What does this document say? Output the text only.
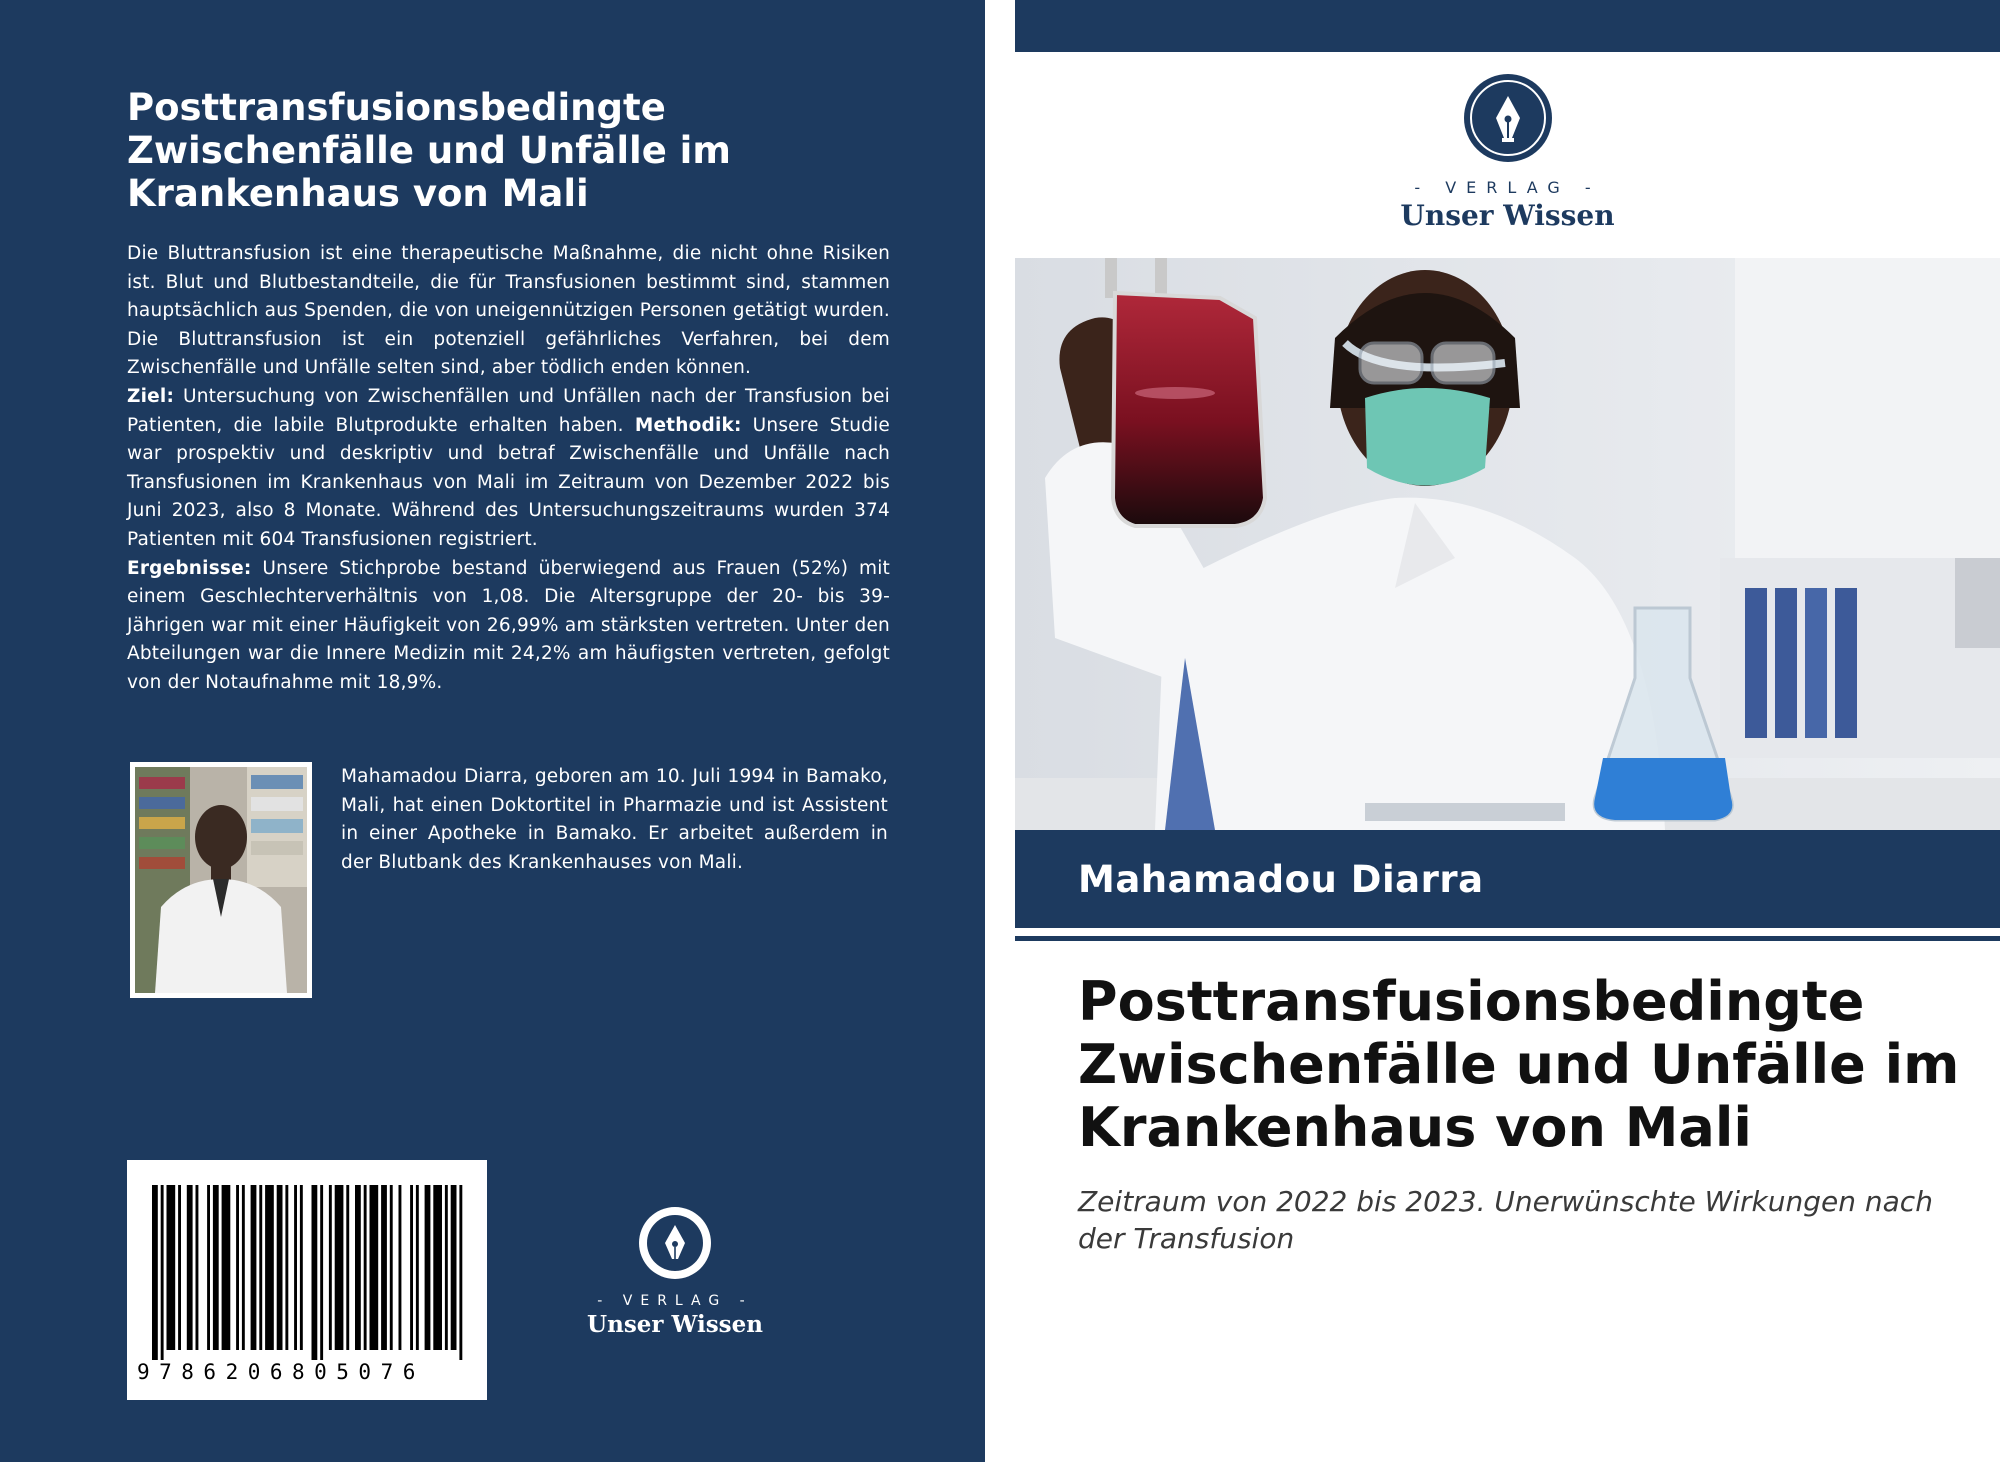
Posttransfusionsbedingte Zwischenfälle und Unfälle im Krankenhaus von Mali

Die Bluttransfusion ist eine therapeutische Maßnahme, die nicht ohne Risiken ist. Blut und Blutbestandteile, die für Transfusionen bestimmt sind, stammen hauptsächlich aus Spenden, die von uneigennützigen Personen getätigt wurden. Die Bluttransfusion ist ein potenziell gefährliches Verfahren, bei dem Zwischenfälle und Unfälle selten sind, aber tödlich enden können.

Ziel: Untersuchung von Zwischenfällen und Unfällen nach der Transfusion bei Patienten, die labile Blutprodukte erhalten haben. Methodik: Unsere Studie war prospektiv und deskriptiv und betraf Zwischenfälle und Unfälle nach Transfusionen im Krankenhaus von Mali im Zeitraum von Dezember 2022 bis Juni 2023, also 8 Monate. Während des Untersuchungszeitraums wurden 374 Patienten mit 604 Transfusionen registriert.

Ergebnisse: Unsere Stichprobe bestand überwiegend aus Frauen (52%) mit einem Geschlechterverhältnis von 1,08. Die Altersgruppe der 20- bis 39-Jährigen war mit einer Häufigkeit von 26,99% am stärksten vertreten. Unter den Abteilungen war die Innere Medizin mit 24,2% am häufigsten vertreten, gefolgt von der Notaufnahme mit 18,9%.

Mahamadou Diarra, geboren am 10. Juli 1994 in Bamako, Mali, hat einen Doktortitel in Pharmazie und ist Assistent in einer Apotheke in Bamako. Er arbeitet außerdem in der Blutbank des Krankenhauses von Mali.

9786206805076
- VERLAG -
Unser Wissen
- VERLAG -
Unser Wissen

Mahamadou Diarra

Posttransfusionsbedingte Zwischenfälle und Unfälle im Krankenhaus von Mali

Zeitraum von 2022 bis 2023. Unerwünschte Wirkungen nach der Transfusion
